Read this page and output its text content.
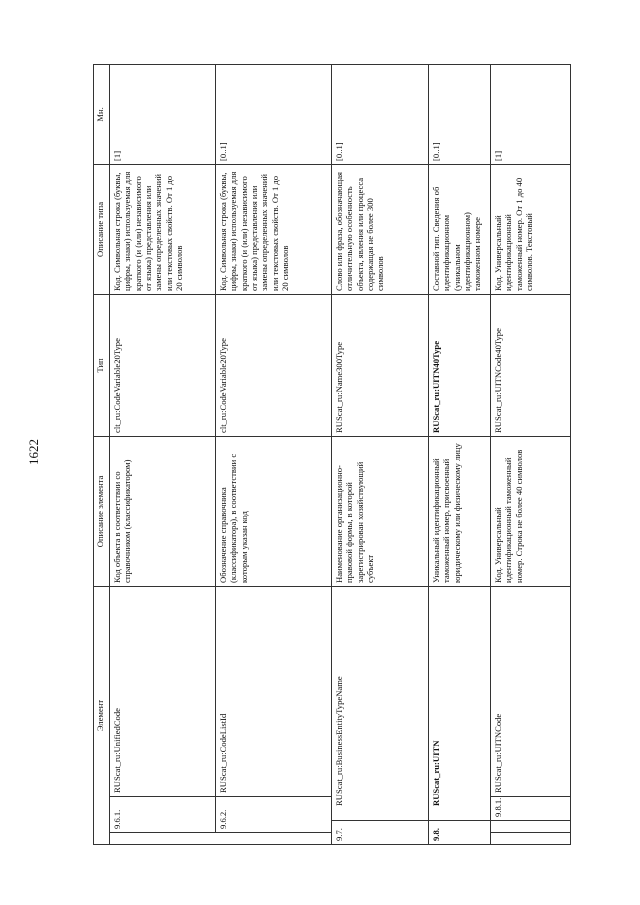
1622
Элемент				Описание элемента	Тип	Описание типа	Мн.
	9.6.1.		RUScat_ru:UnifiedCode	Код объекта в соответствии со справочником (классификатором)	clt_ru:CodeVariable20Type	Код. Символьная строка (буквы, цифры, знаки) используемая для краткого (и (или) независимого от языка) представления или замены определенных значений или текстовых свойств. От 1 до 20 символов	[1]
	9.6.2.		RUScat_ru:CodeListId	Обозначение справочника (классификатора), в соответствии с которым указан код	clt_ru:CodeVariable20Type	Код. Символьная строка (буквы, цифры, знаки) используемая для краткого (и (или) независимого от языка) представления или замены определенных значений или текстовых свойств. От 1 до 20 символов	[0..1]
9.7.		RUScat_ru:BusinessEntityTypeName		Наименование организационно-правовой формы, в которой зарегистрирован хозяйствующий субъект	RUScat_ru:Name300Type	Слово или фраза, обозначающая отличительную особенность объекта, явления или процесса содержащая не более 300 символов	[0..1]
9.8.		RUScat_ru:UITN		Уникальный идентификационный таможенный номер, присвоенный юридическому или физическому лицу	RUScat_ru:UITN40Type	Составной тип. Сведения об идентификационном (уникальном идентификационном) таможенном номере	[0..1]
		9.8.1.	RUScat_ru:UITNCode	Код. Универсальный идентификационный таможенный номер. Строка не более 40 символов	RUScat_ru:UITNCode40Type	Код. Универсальный идентификационный таможенный номер. От 1 до 40 символов. Текстовый	[1]
